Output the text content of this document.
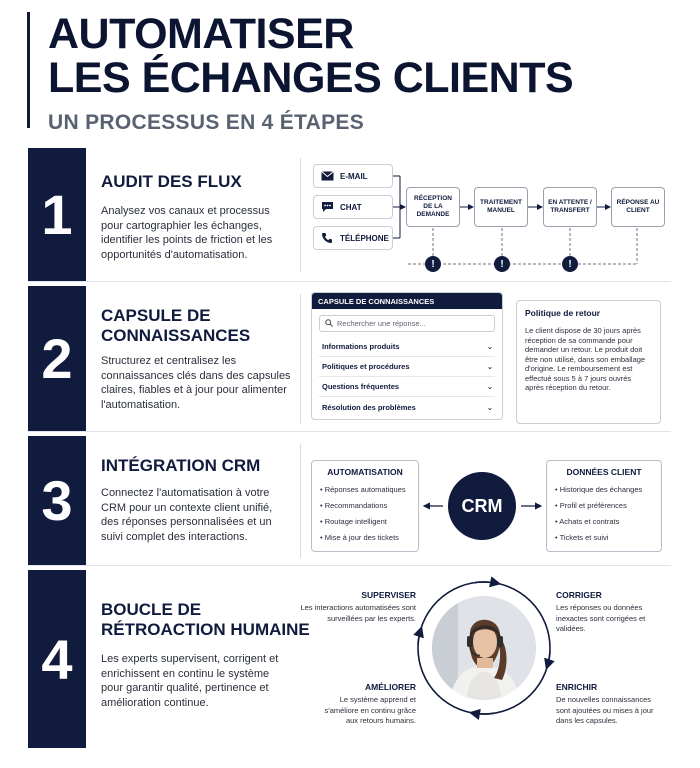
AUTOMATISER
LES ÉCHANGES CLIENTS
UN PROCESSUS EN 4 ÉTAPES
1
AUDIT DES FLUX
Analysez vos canaux et processus pour cartographier les échanges, identifier les points de friction et les opportunités d'automatisation.
E-MAIL
CHAT
TÉLÉPHONE
RÉCEPTION DE LA DEMANDE
TRAITEMENT MANUEL
EN ATTENTE / TRANSFERT
RÉPONSE AU CLIENT
!	!	!
2
CAPSULE DE
CONNAISSANCES
Structurez et centralisez les connaissances clés dans des capsules claires, fiables et à jour pour alimenter l'automatisation.
CAPSULE DE CONNAISSANCES
Rechercher une réponse...
Informations produits	⌄
Politiques et procédures	⌄
Questions fréquentes	⌄
Résolution des problèmes	⌄
Politique de retour
Le client dispose de 30 jours après réception de sa commande pour demander un retour. Le produit doit être non utilisé, dans son emballage d'origine. Le remboursement est effectué sous 5 à 7 jours ouvrés après réception du retour.
3
INTÉGRATION CRM
Connectez l'automatisation à votre CRM pour un contexte client unifié, des réponses personnalisées et un suivi complet des interactions.
AUTOMATISATION
• Réponses automatiques
• Recommandations
• Routage intelligent
• Mise à jour des tickets
CRM
DONNÉES CLIENT
• Historique des échanges
• Profil et préférences
• Achats et contrats
• Tickets et suivi
4
BOUCLE DE
RÉTROACTION HUMAINE
Les experts supervisent, corrigent et enrichissent en continu le système pour garantir qualité, pertinence et amélioration continue.
SUPERVISER
Les interactions automatisées sont surveillées par les experts.
CORRIGER
Les réponses ou données inexactes sont corrigées et validées.
AMÉLIORER
Le système apprend et s'améliore en continu grâce aux retours humains.
ENRICHIR
De nouvelles connaissances sont ajoutées ou mises à jour dans les capsules.
